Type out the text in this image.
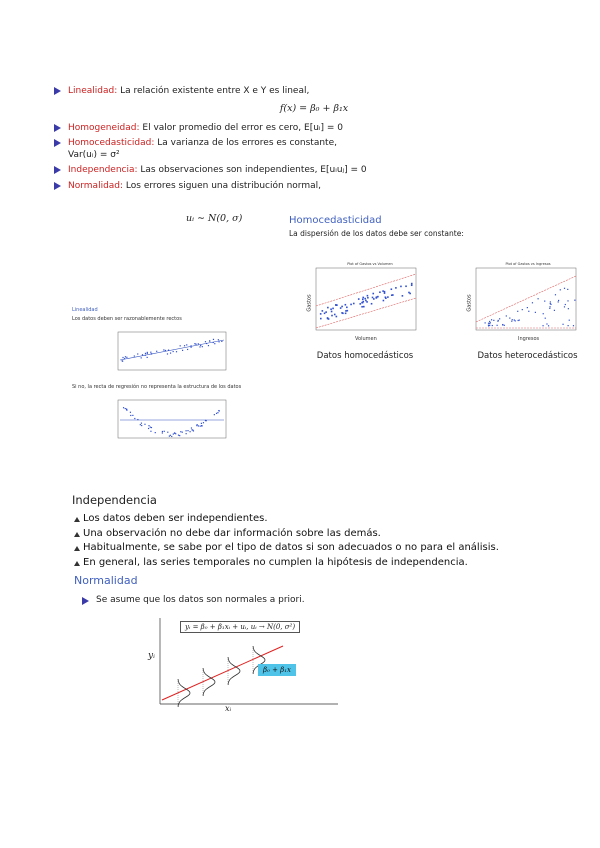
Linealidad: La relación existente entre X e Y es lineal,
f(x) = β₀ + β₁x
Homogeneidad: El valor promedio del error es cero, E[uᵢ] = 0
Homocedasticidad: La varianza de los errores es constante,
Var(uᵢ) = σ²
Independencia: Las observaciones son independientes, E[uᵢuⱼ] = 0
Normalidad: Los errores siguen una distribución normal,
uᵢ ∼ N(0, σ)	Homocedasticidad
La dispersión de los datos debe ser constante:
Plot of Gastos vs Volumen
Gastos
Volumen
Datos homocedásticos
Plot of Gastos vs Ingresos
Gastos
Ingresos
Datos heterocedásticos
Linealidad
Los datos deben ser razonablemente rectos
Si no, la recta de regresión no representa la estructura de los datos
Independencia
Los datos deben ser independientes.
Una observación no debe dar información sobre las demás.
Habitualmente, se sabe por el tipo de datos si son adecuados o no para el análisis.
En general, las series temporales no cumplen la hipótesis de independencia.
Normalidad
Se asume que los datos son normales a priori.
yᵢ = β₀ + β₁xᵢ + uᵢ, uᵢ → N(0, σ²)
β₀ + β₁x
yᵢ
xᵢ
